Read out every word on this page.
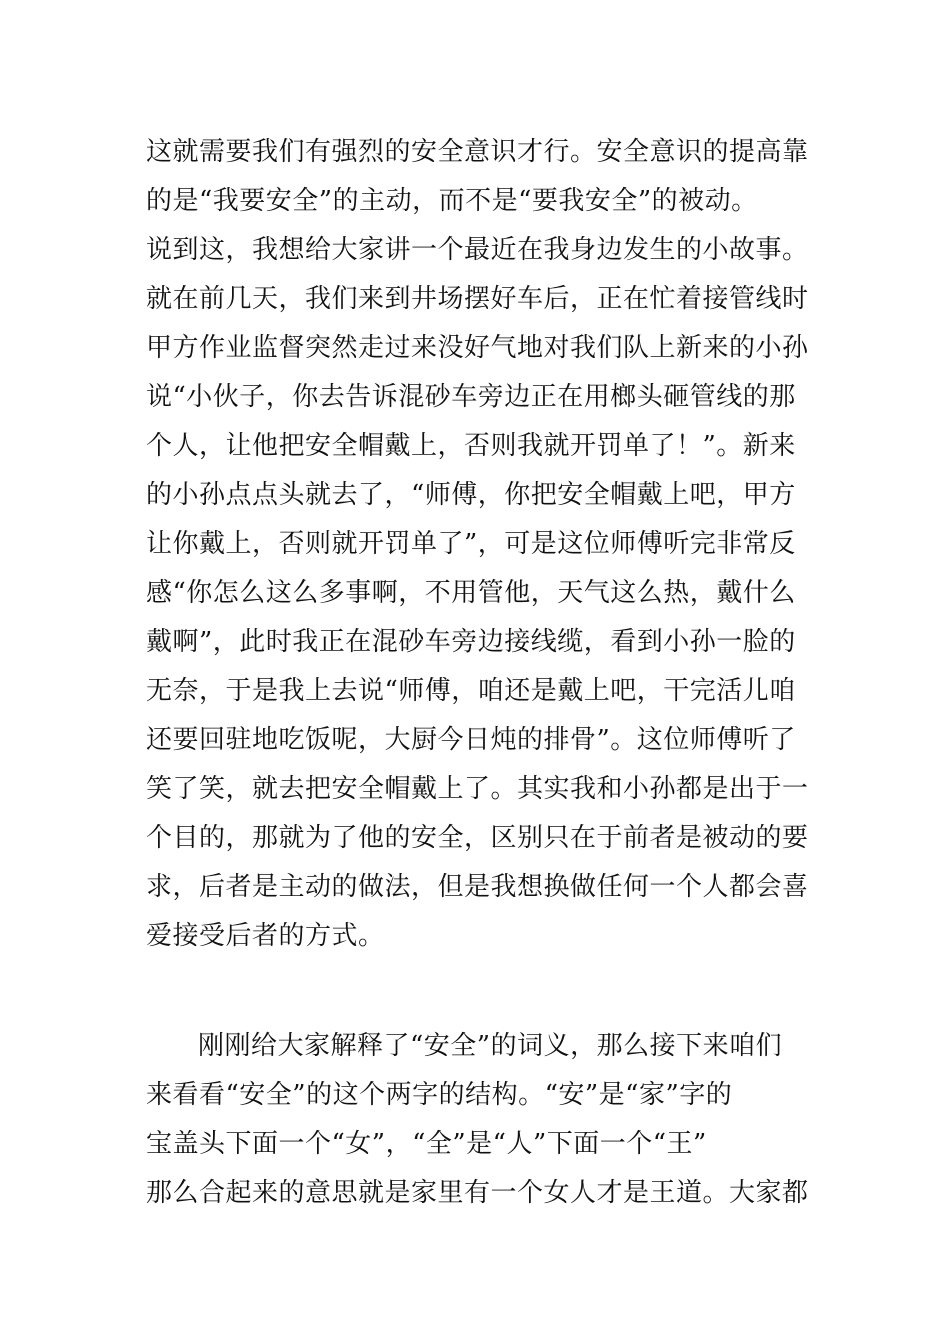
这就需要我们有强烈的安全意识才行。安全意识的提高靠
的是“我要安全”的主动，而不是“要我安全”的被动。
说到这，我想给大家讲一个最近在我身边发生的小故事。
就在前几天，我们来到井场摆好车后，正在忙着接管线时
甲方作业监督突然走过来没好气地对我们队上新来的小孙
说“小伙子，你去告诉混砂车旁边正在用榔头砸管线的那
个人，让他把安全帽戴上，否则我就开罚单了！”。新来
的小孙点点头就去了，“师傅，你把安全帽戴上吧，甲方
让你戴上，否则就开罚单了”，可是这位师傅听完非常反
感“你怎么这么多事啊，不用管他，天气这么热，戴什么
戴啊”，此时我正在混砂车旁边接线缆，看到小孙一脸的
无奈，于是我上去说“师傅，咱还是戴上吧，干完活儿咱
还要回驻地吃饭呢，大厨今日炖的排骨”。这位师傅听了
笑了笑，就去把安全帽戴上了。其实我和小孙都是出于一
个目的，那就为了他的安全，区别只在于前者是被动的要
求，后者是主动的做法，但是我想换做任何一个人都会喜
爱接受后者的方式。
刚刚给大家解释了“安全”的词义，那么接下来咱们
来看看“安全”的这个两字的结构。“安”是“家”字的
宝盖头下面一个“女”，“全”是“人”下面一个“王”
那么合起来的意思就是家里有一个女人才是王道。大家都
